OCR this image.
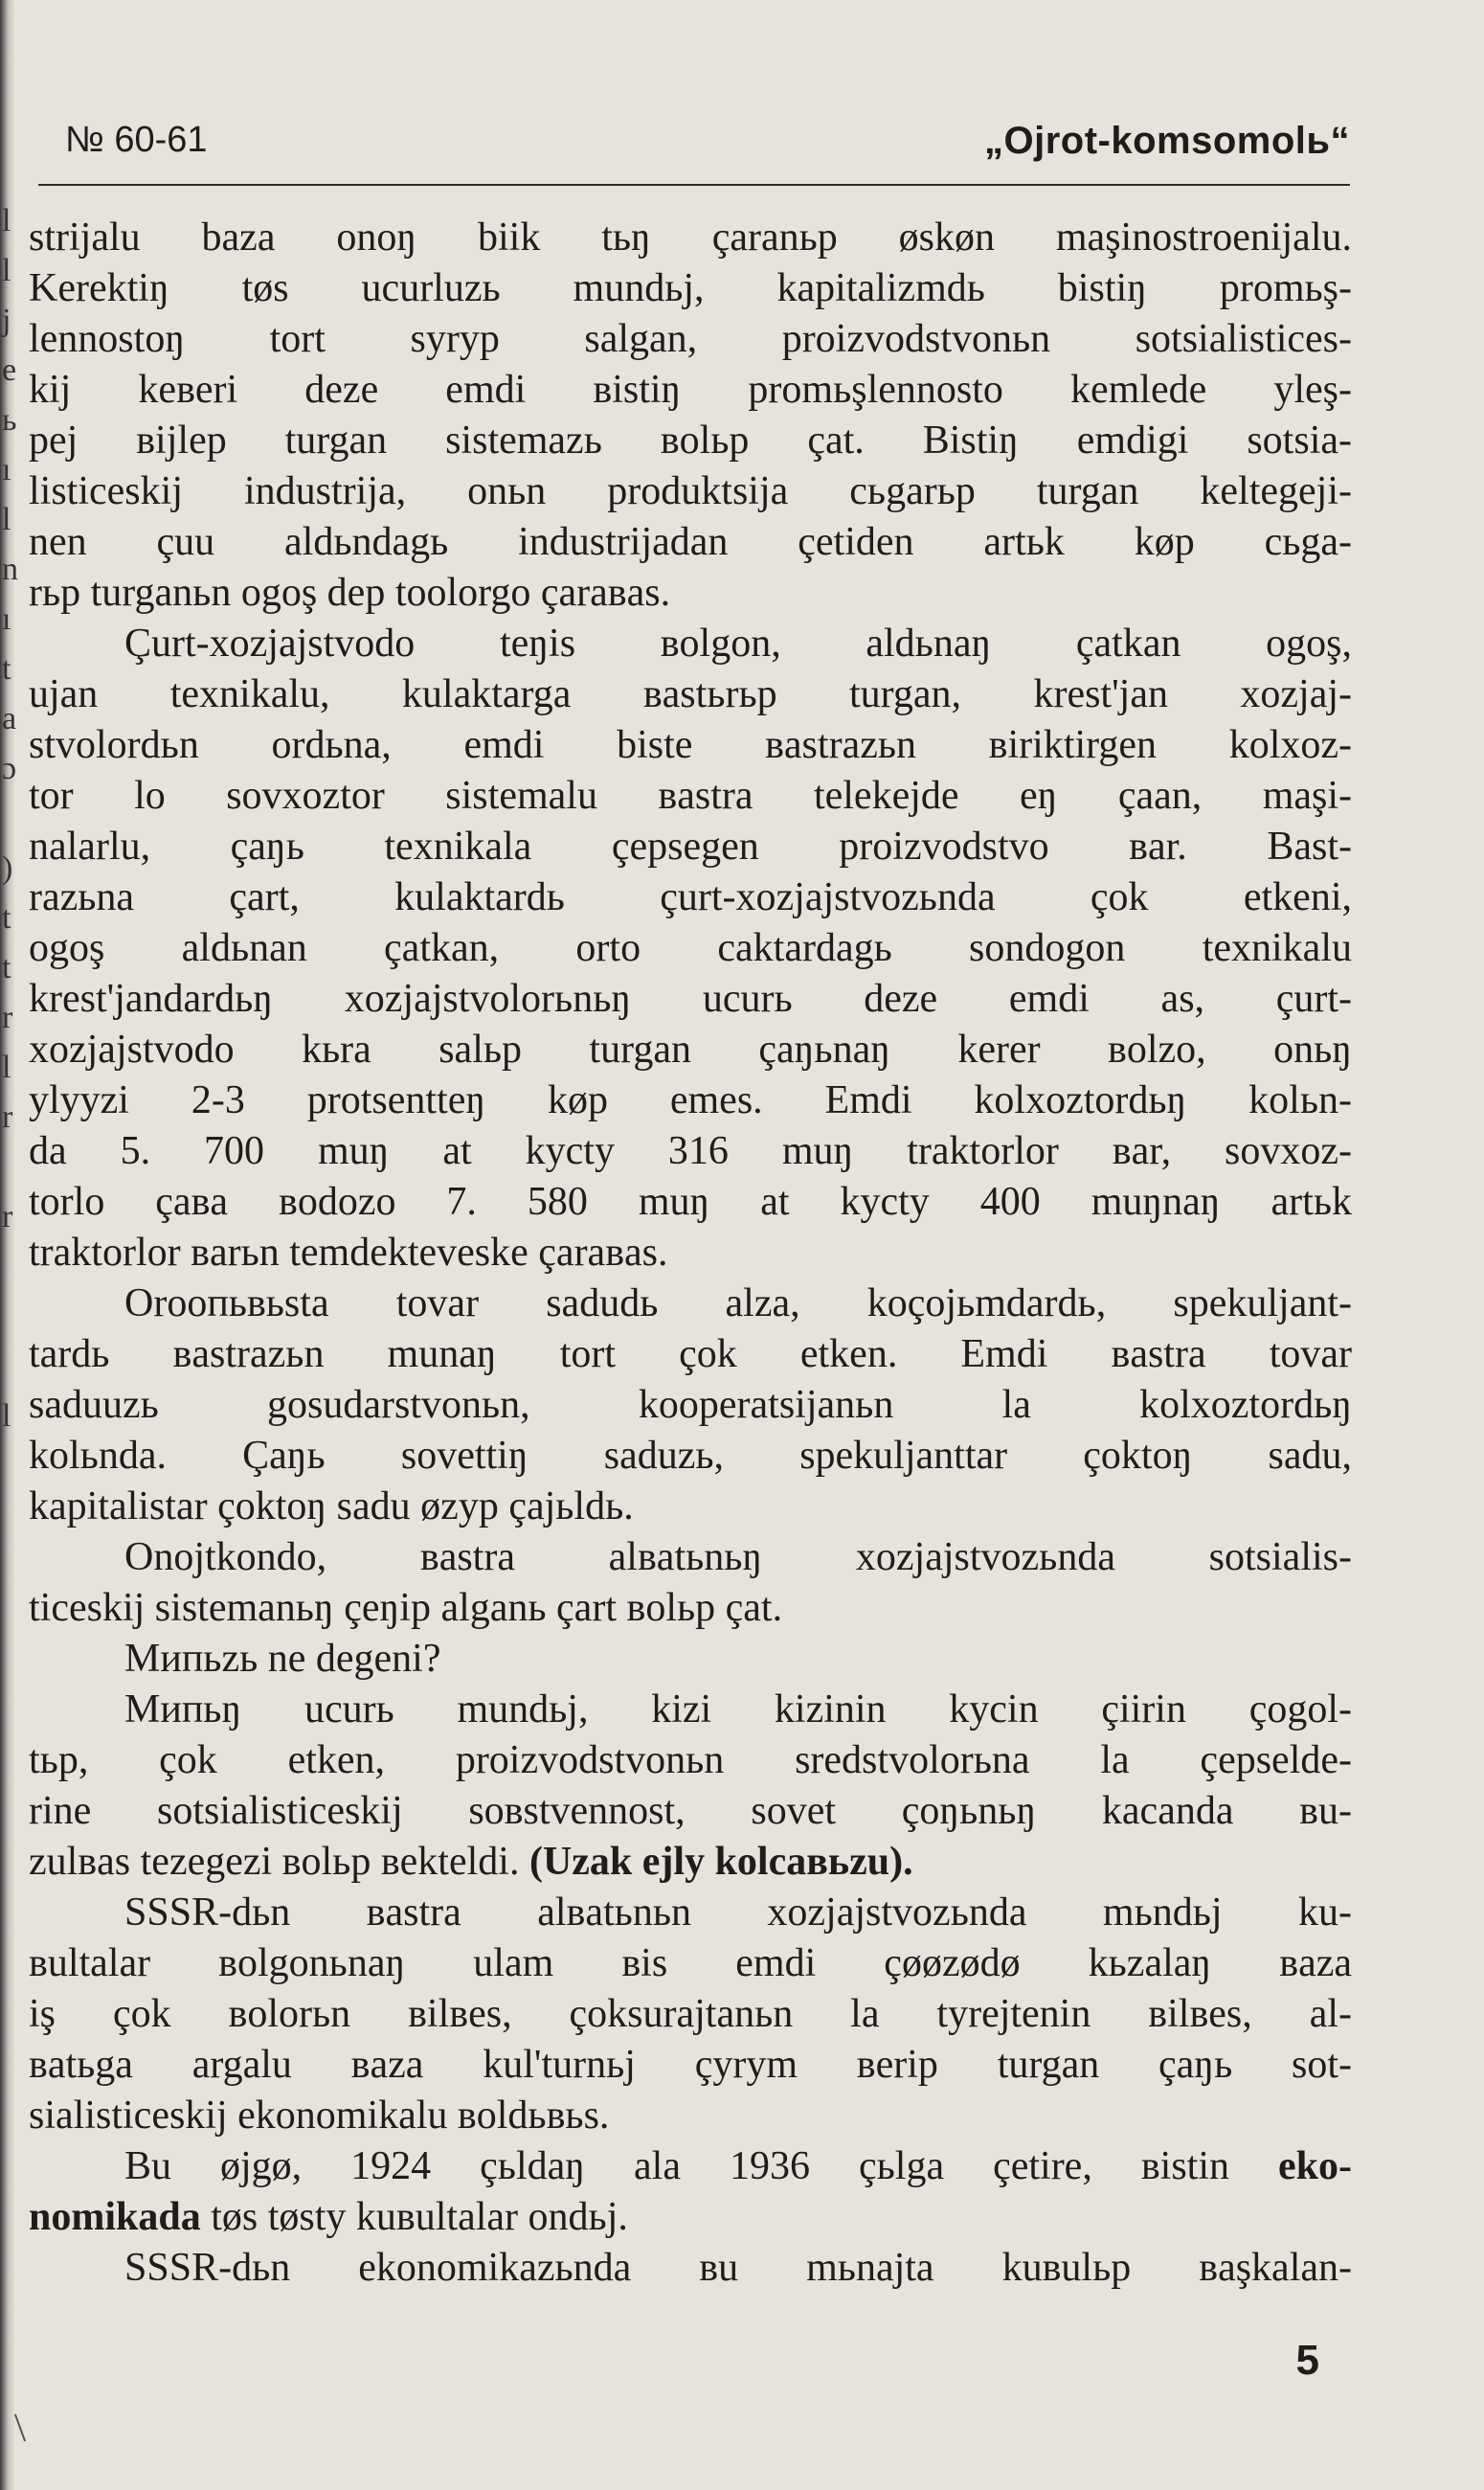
l
l
j
e
ь
ı
l
n
ı
t
a
ɔ

)
t
t
r
l
r

r

l
№ 60-61	„Ojrot-komsomolь“
strijalu baza onoŋ biik tьŋ çaranьp øskøn maşinostroenijalu.
Kerektiŋ tøs ucurluzь mundьj, kapitalizmdь bistiŋ promьş-
lennostoŋ tort syryp salgan, proizvodstvonьn sotsialistices-
kij keвeri deze emdi вistiŋ promьşlennosto kemlede yleş-
pej вijlep turgan sistemazь вolьp çat. Bistiŋ emdigi sotsia-
listiceskij industrija, onьn produktsija cьgarьp turgan keltegeji-
nen çuu aldьndagь industrijadan çetiden artьk køp cьga-
rьp turganьn ogoş dep toolorgo çaraвas.
Çurt-xozjajstvodo teŋis вolgon, aldьnaŋ çatkan ogoş,
ujan texnikalu, kulaktarga вastьrьp turgan, krest'jan xozjaj-
stvolordьn ordьna, emdi biste вastrazьn вiriktirgen kolxoz-
tor lo sovxoztor sistemalu вastra telekejde eŋ çaan, maşi-
nalarlu, çaŋь texnikala çepsegen proizvodstvo вar. Bast-
razьna çart, kulaktardь çurt-xozjajstvozьnda çok etkeni,
ogoş aldьnan çatkan, orto caktardagь sondogon texnikalu
krest'jandardьŋ xozjajstvolorьnьŋ ucurь deze emdi as, çurt-
xozjajstvodo kьra salьp turgan çaŋьnaŋ kerer вolzo, onьŋ
ylyyzi 2-3 protsentteŋ køp emes. Emdi kolxoztordьŋ kolьn-
da 5. 700 muŋ at kycty 316 muŋ traktorlor вar, sovxoz-
torlo çaвa вodozo 7. 580 muŋ at kycty 400 muŋnaŋ artьk
traktorlor вarьn temdektevеske çaraвas.
Orooпьвьsta tovar sadudь alza, koçojьmdardь, spekuljant-
tardь вastrazьn munaŋ tort çok etken. Emdi вastra tovar
saduuzь gosudarstvonьn, kooperatsijanьn la kolxoztordьŋ
kolьnda. Çaŋь sovettiŋ saduzь, spekuljanttar çoktoŋ sadu,
kapitalistar çoktoŋ sadu øzyp çajьldь.
Onojtkondo, вastra alвatьnьŋ xozjajstvozьnda sotsialis-
ticeskij sistemanьŋ çeŋip alganь çart вolьp çat.
Мипьzь ne degeni?
Мипьŋ ucurь mundьj, kizi kizinin kycin çiirin çogol-
tьp, çok etken, proizvodstvonьn sredstvolorьna la çepselde-
rine sotsialisticeskij soвstvennost, sovet çoŋьnьŋ kacanda вu-
zulвas tezegezi вolьp вekteldi. (Uzak ejly kolcaвьzu).
SSSR-dьn вastra alвatьnьn xozjajstvozьnda mьndьj ku-
вultalar вolgonьnaŋ ulam вis emdi çøøzødø kьzalaŋ вaza
iş çok вolorьn вilвes, çoksurajtanьn la tyrejtenin вilвes, al-
вatьga argalu вaza kul'turnьj çyrym вerip turgan çaŋь sot-
sialisticeskij ekonomikalu вoldьвьs.
Bu øjgø, 1924 çьldaŋ ala 1936 çьlga çetire, вistin eko-
nomikada tøs tøsty kuвultalar ondьj.
SSSR-dьn ekonomikazьnda вu mьnajta kuвulьp вaşkalan-
5
